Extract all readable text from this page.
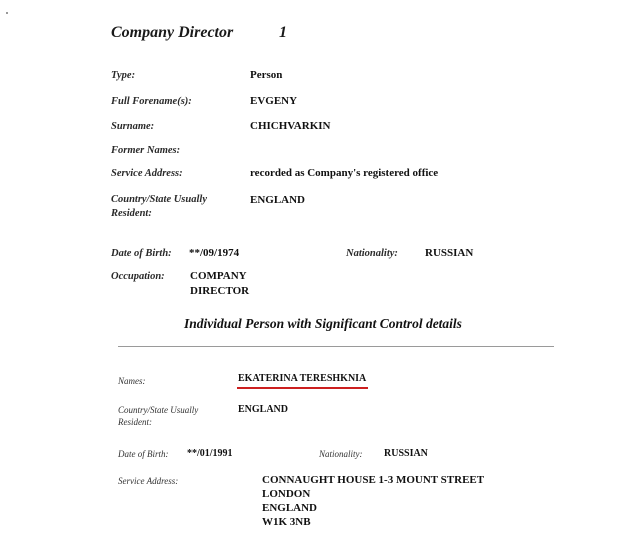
Company Director	1
Type:	Person
Full Forename(s):	EVGENY
Surname:	CHICHVARKIN
Former Names:
Service Address:	recorded as Company's registered office
Country/State Usually
Resident:
ENGLAND
Date of Birth: **/09/1974	Nationality: RUSSIAN
Occupation: COMPANY
DIRECTOR
Individual Person with Significant Control details
Names:	EKATERINA TERESHKNIA
Country/State Usually
Resident:
ENGLAND
Date of Birth: **/01/1991	Nationality: RUSSIAN
Service Address:	CONNAUGHT HOUSE 1-3 MOUNT STREET
LONDON
ENGLAND
W1K 3NB
